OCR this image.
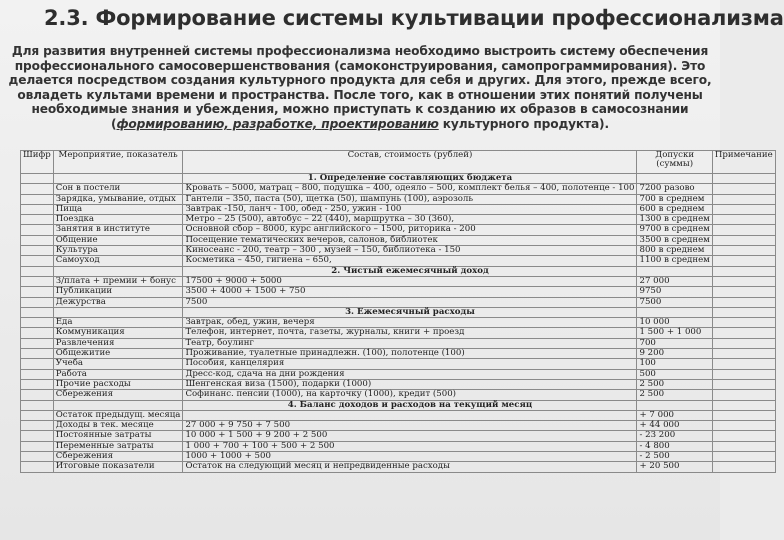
2.3. Формирование системы культивации профессионализма
Для развития внутренней системы профессионализма необходимо выстроить систему обеспечения профессионального самосовершенствования (самоконструирования, самопрограммирования). Это делается посредством создания культурного продукта для себя и других. Для этого, прежде всего, овладеть культами времени и пространства. После того, как в отношении этих понятий получены необходимые знания и убеждения, можно приступать к созданию их образов в самосознании (формированию, разработке, проектированию культурного продукта).
Шифр	Мероприятие, показатель	Состав, стоимость (рублей)	Допуски (суммы)	Примечание
		1. Определение составляющих бюджета		
	Сон в постели	Кровать – 5000, матрац – 800, подушка – 400, одеяло – 500, комплект белья – 400, полотенце - 100	7200 разово	
	Зарядка, умывание, отдых	Гантели – 350, паста (50), щетка (50), шампунь (100), аэрозоль	700 в среднем	
	Пища	Завтрак -150, ланч - 100, обед - 250, ужин - 100	600 в среднем	
	Поездка	Метро – 25 (500), автобус – 22 (440), маршрутка – 30 (360),	1300 в среднем	
	Занятия в институте	Основной сбор – 8000, курс английского – 1500, риторика - 200	9700 в среднем	
	Общение	Посещение тематических вечеров, салонов, библиотек	3500 в среднем	
	Культура	Киносеанс - 200, театр – 300 , музей – 150, библиотека - 150	800 в среднем	
	Самоуход	Косметика – 450, гигиена – 650,	1100 в среднем	
		2. Чистый ежемесячный доход		
	З/плата + премии + бонус	17500 + 9000 + 5000	27 000	
	Публикации	3500 + 4000 + 1500 + 750	9750	
	Дежурства	7500	7500	
		3. Ежемесячный расходы		
	Еда	Завтрак, обед, ужин, вечеря	10 000	
	Коммуникация	Телефон, интернет, почта, газеты, журналы, книги + проезд	1 500 + 1 000	
	Развлечения	Театр, боулинг	700	
	Общежитие	Проживание, туалетные принадлежн. (100), полотенце (100)	9 200	
	Учеба	Пособия, канцелярия	100	
	Работа	Дресс-код, сдача на дни рождения	500	
	Прочие расходы	Шенгенская виза (1500), подарки (1000)	2 500	
	Сбережения	Софинанс. пенсии (1000), на карточку (1000), кредит (500)	2 500	
		4. Баланс доходов и расходов на текущий месяц		
	Остаток предыдущ. месяца		+ 7 000	
	Доходы в тек. месяце	27 000 + 9 750 + 7 500	+ 44 000	
	Постоянные затраты	10 000 + 1 500 + 9 200 + 2 500	- 23 200	
	Переменные затраты	1 000 + 700 + 100 + 500 + 2 500	- 4 800	
	Сбережения	1000 + 1000 + 500	- 2 500	
	Итоговые показатели	Остаток на следующий месяц и непредвиденные расходы	+ 20 500	
